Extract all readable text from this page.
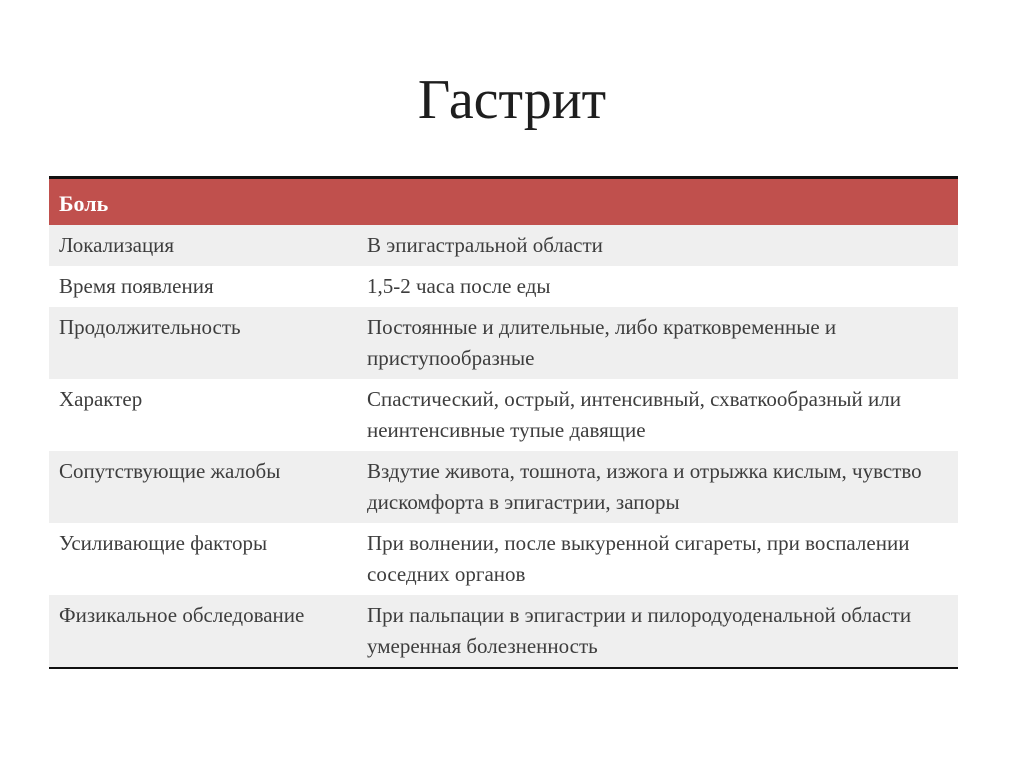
Гастрит
Боль	
Локализация	В эпигастральной области
Время появления	1,5-2 часа после еды
Продолжительность	Постоянные и длительные, либо кратковременные и приступообразные
Характер	Спастический, острый, интенсивный, схваткообразный или неинтенсивные тупые давящие
Сопутствующие жалобы	Вздутие живота, тошнота, изжога и отрыжка кислым, чувство дискомфорта в эпигастрии, запоры
Усиливающие факторы	При волнении, после выкуренной сигареты, при воспалении соседних органов
Физикальное обследование	При пальпации в эпигастрии и пилородуоденальной области умеренная болезненность
